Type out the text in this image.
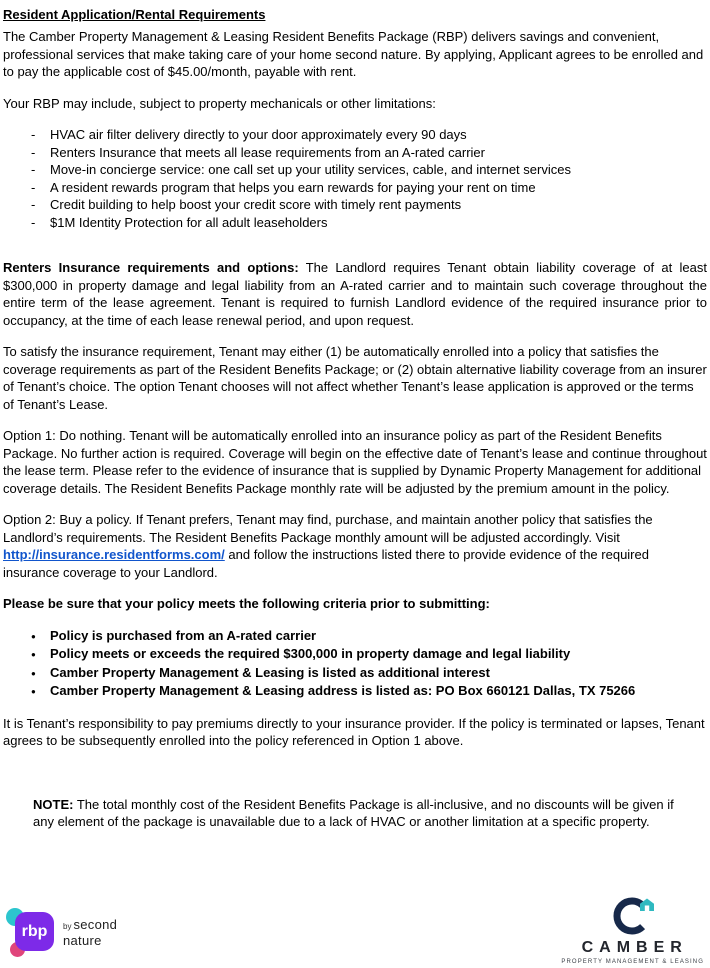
Resident Application/Rental Requirements

The Camber Property Management & Leasing Resident Benefits Package (RBP) delivers savings and convenient, professional services that make taking care of your home second nature. By applying, Applicant agrees to be enrolled and to pay the applicable cost of $45.00/month, payable with rent.

Your RBP may include, subject to property mechanicals or other limitations:

-	HVAC air filter delivery directly to your door approximately every 90 days
-	Renters Insurance that meets all lease requirements from an A-rated carrier
-	Move-in concierge service: one call set up your utility services, cable, and internet services
-	A resident rewards program that helps you earn rewards for paying your rent on time
-	Credit building to help boost your credit score with timely rent payments
-	$1M Identity Protection for all adult leaseholders

Renters Insurance requirements and options: The Landlord requires Tenant obtain liability coverage of at least $300,000 in property damage and legal liability from an A-rated carrier and to maintain such coverage throughout the entire term of the lease agreement. Tenant is required to furnish Landlord evidence of the required insurance prior to occupancy, at the time of each lease renewal period, and upon request.

To satisfy the insurance requirement, Tenant may either (1) be automatically enrolled into a policy that satisfies the coverage requirements as part of the Resident Benefits Package; or (2) obtain alternative liability coverage from an insurer of Tenant’s choice. The option Tenant chooses will not affect whether Tenant’s lease application is approved or the terms of Tenant’s Lease.

Option 1: Do nothing. Tenant will be automatically enrolled into an insurance policy as part of the Resident Benefits Package. No further action is required. Coverage will begin on the effective date of Tenant’s lease and continue throughout the lease term. Please refer to the evidence of insurance that is supplied by Dynamic Property Management for additional coverage details. The Resident Benefits Package monthly rate will be adjusted by the premium amount in the policy.

Option 2: Buy a policy. If Tenant prefers, Tenant may find, purchase, and maintain another policy that satisfies the Landlord’s requirements. The Resident Benefits Package monthly amount will be adjusted accordingly. Visit http://insurance.residentforms.com/ and follow the instructions listed there to provide evidence of the required insurance coverage to your Landlord.

Please be sure that your policy meets the following criteria prior to submitting:

●	Policy is purchased from an A-rated carrier
●	Policy meets or exceeds the required $300,000 in property damage and legal liability
●	Camber Property Management & Leasing is listed as additional interest
●	Camber Property Management & Leasing address is listed as: PO Box 660121 Dallas, TX 75266

It is Tenant’s responsibility to pay premiums directly to your insurance provider. If the policy is terminated or lapses, Tenant agrees to be subsequently enrolled into the policy referenced in Option 1 above.

NOTE: The total monthly cost of the Resident Benefits Package is all-inclusive, and no discounts will be given if any element of the package is unavailable due to a lack of HVAC or another limitation at a specific property.

rbp	by second
nature	CAMBER
PROPERTY MANAGEMENT & LEASING
